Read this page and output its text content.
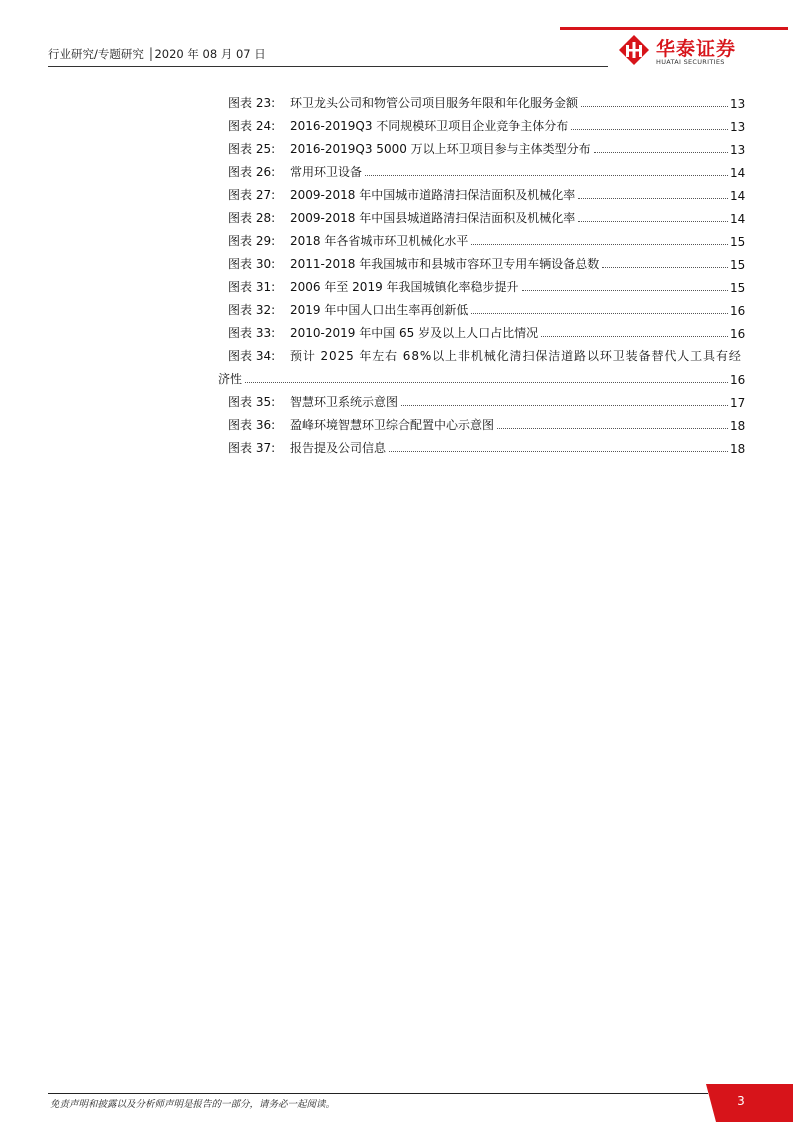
行业研究/专题研究 │2020 年 08 月 07 日	华泰证券
HUATAI SECURITIES
图表 23:	环卫龙头公司和物管公司项目服务年限和年化服务金额	13
图表 24:	2016-2019Q3 不同规模环卫项目企业竞争主体分布	13
图表 25:	2016-2019Q3 5000 万以上环卫项目参与主体类型分布	13
图表 26:	常用环卫设备	14
图表 27:	2009-2018 年中国城市道路清扫保洁面积及机械化率	14
图表 28:	2009-2018 年中国县城道路清扫保洁面积及机械化率	14
图表 29:	2018 年各省城市环卫机械化水平	15
图表 30:	2011-2018 年我国城市和县城市容环卫专用车辆设备总数	15
图表 31:	2006 年至 2019 年我国城镇化率稳步提升	15
图表 32:	2019 年中国人口出生率再创新低	16
图表 33:	2010-2019 年中国 65 岁及以上人口占比情况	16
图表 34:	预计 2025 年左右 68%以上非机械化清扫保洁道路以环卫装备替代人工具有经
济性	16
图表 35:	智慧环卫系统示意图	17
图表 36:	盈峰环境智慧环卫综合配置中心示意图	18
图表 37:	报告提及公司信息	18
免责声明和披露以及分析师声明是报告的一部分，请务必一起阅读。	3
